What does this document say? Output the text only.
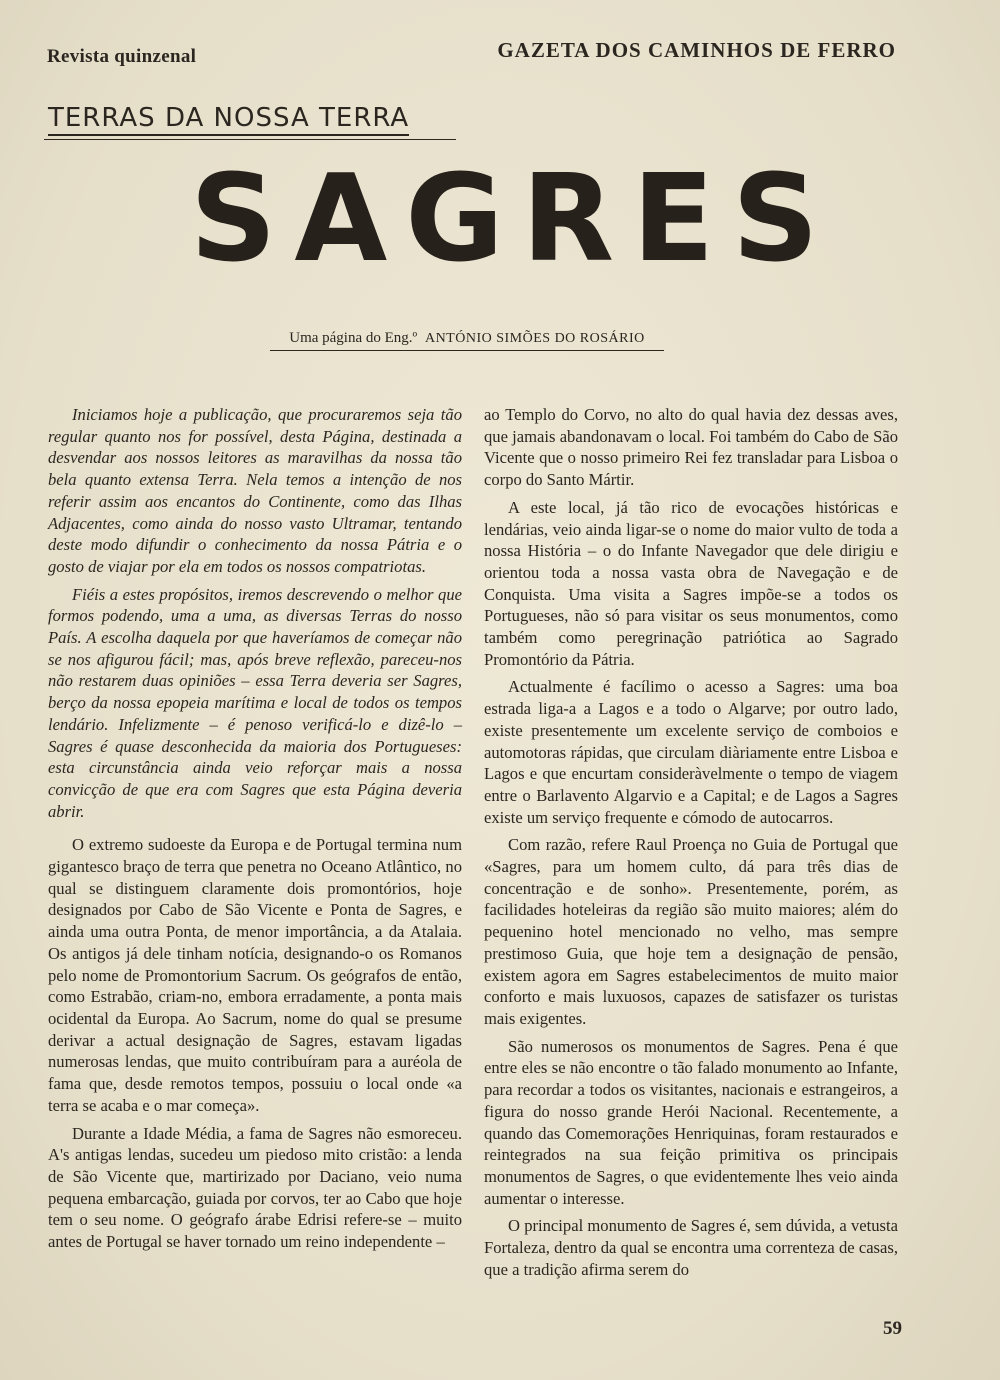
Revista quinzenal	GAZETA DOS CAMINHOS DE FERRO
TERRAS DA NOSSA TERRA
SAGRES
Uma página do Eng.º ANTÓNIO SIMÕES DO ROSÁRIO

Iniciamos hoje a publicação, que procuraremos seja tão regular quanto nos for possível, desta Página, destinada a desvendar aos nossos leitores as maravilhas da nossa tão bela quanto extensa Terra. Nela temos a intenção de nos referir assim aos encantos do Continente, como das Ilhas Adjacentes, como ainda do nosso vasto Ultramar, tentando deste modo difundir o conhecimento da nossa Pátria e o gosto de viajar por ela em todos os nossos compatriotas.

Fiéis a estes propósitos, iremos descrevendo o melhor que formos podendo, uma a uma, as diversas Terras do nosso País. A escolha daquela por que haveríamos de começar não se nos afigurou fácil; mas, após breve reflexão, pareceu-nos não restarem duas opiniões – essa Terra deveria ser Sagres, berço da nossa epopeia marítima e local de todos os tempos lendário. Infelizmente – é penoso verificá-lo e dizê-lo – Sagres é quase desconhecida da maioria dos Portugueses: esta circunstância ainda veio reforçar mais a nossa convicção de que era com Sagres que esta Página deveria abrir.

O extremo sudoeste da Europa e de Portugal termina num gigantesco braço de terra que penetra no Oceano Atlântico, no qual se distinguem claramente dois promontórios, hoje designados por Cabo de São Vicente e Ponta de Sagres, e ainda uma outra Ponta, de menor importância, a da Atalaia. Os antigos já dele tinham notícia, designando-o os Romanos pelo nome de Promontorium Sacrum. Os geógrafos de então, como Estrabão, criam-no, embora erradamente, a ponta mais ocidental da Europa. Ao Sacrum, nome do qual se presume derivar a actual designação de Sagres, estavam ligadas numerosas lendas, que muito contribuíram para a auréola de fama que, desde remotos tempos, possuiu o local onde «a terra se acaba e o mar começa».

Durante a Idade Média, a fama de Sagres não esmoreceu. A's antigas lendas, sucedeu um piedoso mito cristão: a lenda de São Vicente que, martirizado por Daciano, veio numa pequena embarcação, guiada por corvos, ter ao Cabo que hoje tem o seu nome. O geógrafo árabe Edrisi refere-se – muito antes de Portugal se haver tornado um reino independente –

ao Templo do Corvo, no alto do qual havia dez dessas aves, que jamais abandonavam o local. Foi também do Cabo de São Vicente que o nosso primeiro Rei fez transladar para Lisboa o corpo do Santo Mártir.

A este local, já tão rico de evocações históricas e lendárias, veio ainda ligar-se o nome do maior vulto de toda a nossa História – o do Infante Navegador que dele dirigiu e orientou toda a nossa vasta obra de Navegação e de Conquista. Uma visita a Sagres impõe-se a todos os Portugueses, não só para visitar os seus monumentos, como também como peregrinação patriótica ao Sagrado Promontório da Pátria.

Actualmente é facílimo o acesso a Sagres: uma boa estrada liga-a a Lagos e a todo o Algarve; por outro lado, existe presentemente um excelente serviço de comboios e automotoras rápidas, que circulam diàriamente entre Lisboa e Lagos e que encurtam consideràvelmente o tempo de viagem entre o Barlavento Algarvio e a Capital; e de Lagos a Sagres existe um serviço frequente e cómodo de autocarros.

Com razão, refere Raul Proença no Guia de Portugal que «Sagres, para um homem culto, dá para três dias de concentração e de sonho». Presentemente, porém, as facilidades hoteleiras da região são muito maiores; além do pequenino hotel mencionado no velho, mas sempre prestimoso Guia, que hoje tem a designação de pensão, existem agora em Sagres estabelecimentos de muito maior conforto e mais luxuosos, capazes de satisfazer os turistas mais exigentes.

São numerosos os monumentos de Sagres. Pena é que entre eles se não encontre o tão falado monumento ao Infante, para recordar a todos os visitantes, nacionais e estrangeiros, a figura do nosso grande Herói Nacional. Recentemente, a quando das Comemorações Henriquinas, foram restaurados e reintegrados na sua feição primitiva os principais monumentos de Sagres, o que evidentemente lhes veio ainda aumentar o interesse.

O principal monumento de Sagres é, sem dúvida, a vetusta Fortaleza, dentro da qual se encontra uma correnteza de casas, que a tradição afirma serem do

59
